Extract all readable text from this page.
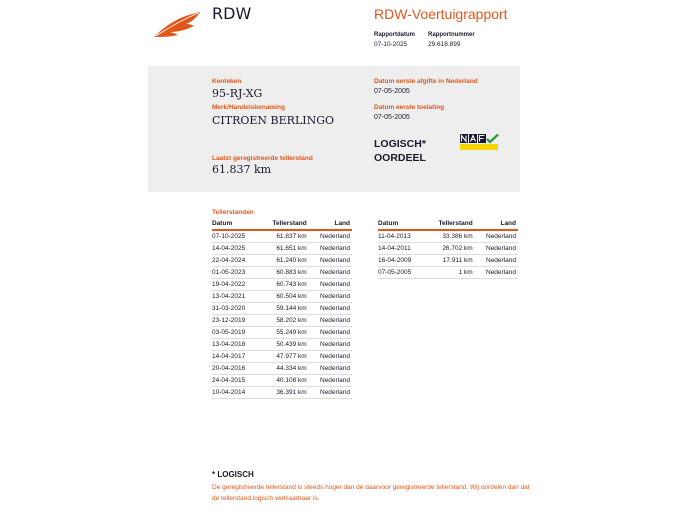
RDW	RDW-Voertuigrapport
Rapportdatum
07-10-2025
Rapportnummer
29.618.899
Kenteken
95-RJ-XG
Merk/Handelsbenaming
CITROEN BERLINGO
Laatst geregistreerde tellerstand
61.837 km
Datum eerste afgifte in Nederland
07-05-2005
Datum eerste toelating
07-05-2005
LOGISCH*
OORDEEL
Tellerstanden
Datum	Tellerstand	Land
07-10-2025	61.837 km	Nederland
14-04-2025	61.651 km	Nederland
22-04-2024	61.240 km	Nederland
01-05-2023	60.883 km	Nederland
19-04-2022	60.743 km	Nederland
13-04-2021	60.504 km	Nederland
31-03-2020	59.144 km	Nederland
23-12-2019	58.202 km	Nederland
03-05-2019	55.249 km	Nederland
13-04-2018	50.439 km	Nederland
14-04-2017	47.977 km	Nederland
20-04-2016	44.334 km	Nederland
24-04-2015	40.108 km	Nederland
10-04-2014	36.391 km	Nederland
Datum	Tellerstand	Land
11-04-2013	33.386 km	Nederland
14-04-2011	26.702 km	Nederland
16-04-2009	17.911 km	Nederland
07-05-2005	1 km	Nederland
* LOGISCH
De geregistreerde tellerstand is steeds hoger dan de daarvoor geregistreerde tellerstand. Wij oordelen dan dat de tellerstand logisch verklaarbaar is.
